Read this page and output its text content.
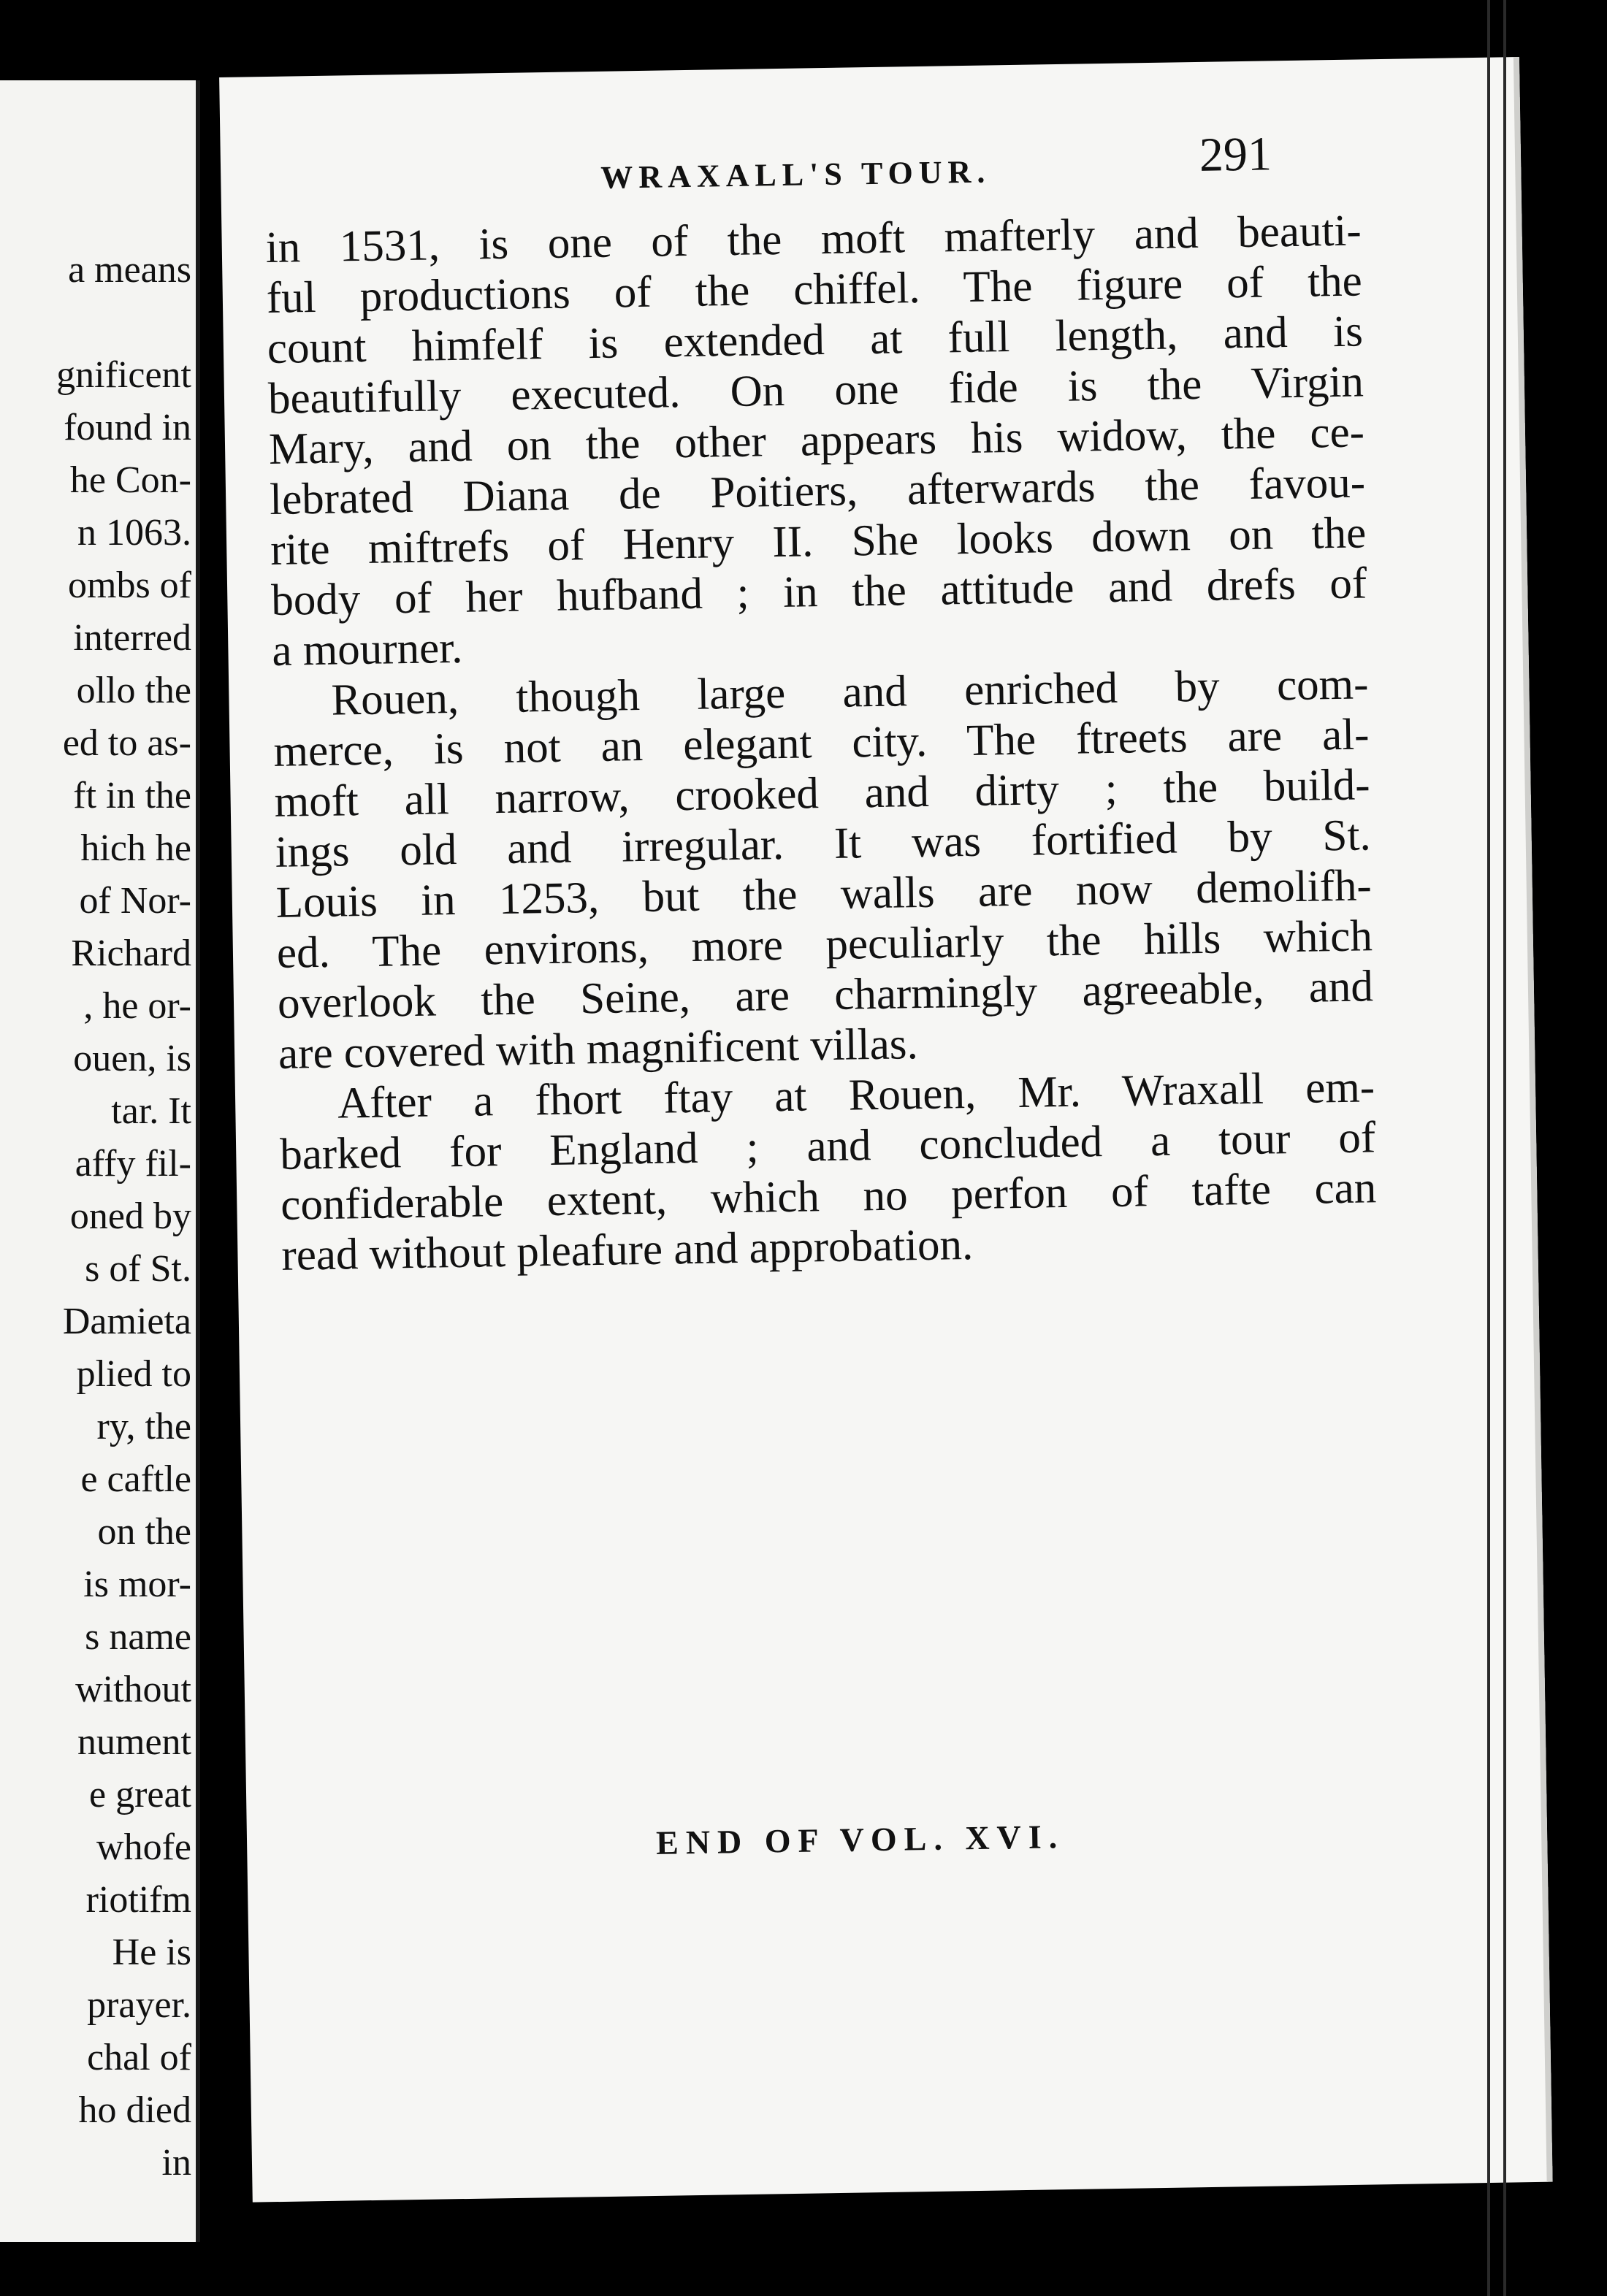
a means
gnificent
found in
he Con-
n 1063.
ombs of
interred
ollo the
ed to as-
ft in the
hich he
of Nor-
Richard
, he or-
ouen, is
tar. It
affy fil-
oned by
s of St.
Damieta
plied to
ry, the
e caftle
on the
is mor-
s name
without
nument
e great
whofe
riotifm
He is
prayer.
chal of
ho died
in
WRAXALL'S TOUR.	291
in 1531, is one of the moft mafterly and beauti-
ful productions of the chiffel. The figure of the
count himfelf is extended at full length, and is
beautifully executed. On one fide is the Virgin
Mary, and on the other appears his widow, the ce-
lebrated Diana de Poitiers, afterwards the favou-
rite miftrefs of Henry II. She looks down on the
body of her hufband ; in the attitude and drefs of
a mourner.
Rouen, though large and enriched by com-
merce, is not an elegant city. The ftreets are al-
moft all narrow, crooked and dirty ; the build-
ings old and irregular. It was fortified by St.
Louis in 1253, but the walls are now demolifh-
ed. The environs, more peculiarly the hills which
overlook the Seine, are charmingly agreeable, and
are covered with magnificent villas.
After a fhort ftay at Rouen, Mr. Wraxall em-
barked for England ; and concluded a tour of
confiderable extent, which no perfon of tafte can
read without pleafure and approbation.
END OF VOL. XVI.
